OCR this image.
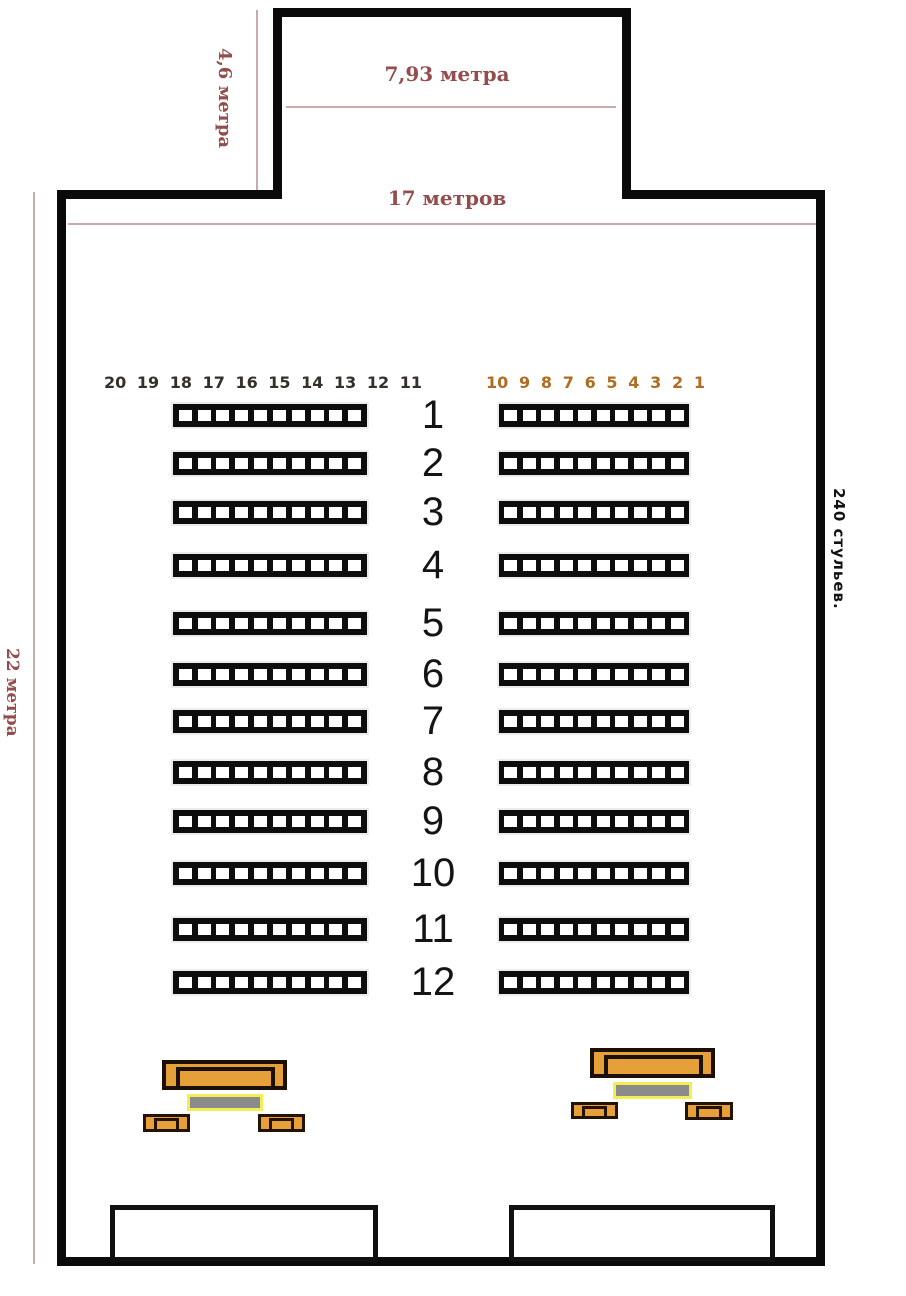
7,93 метра
4,6 метра
17 метров
22 метра
240 стульев.
20 19 18 17 16 15 14 13 12 11	10 9 8 7 6 5 4 3 2 1
1
2
3
4
5
6
7
8
9
10
11
12
